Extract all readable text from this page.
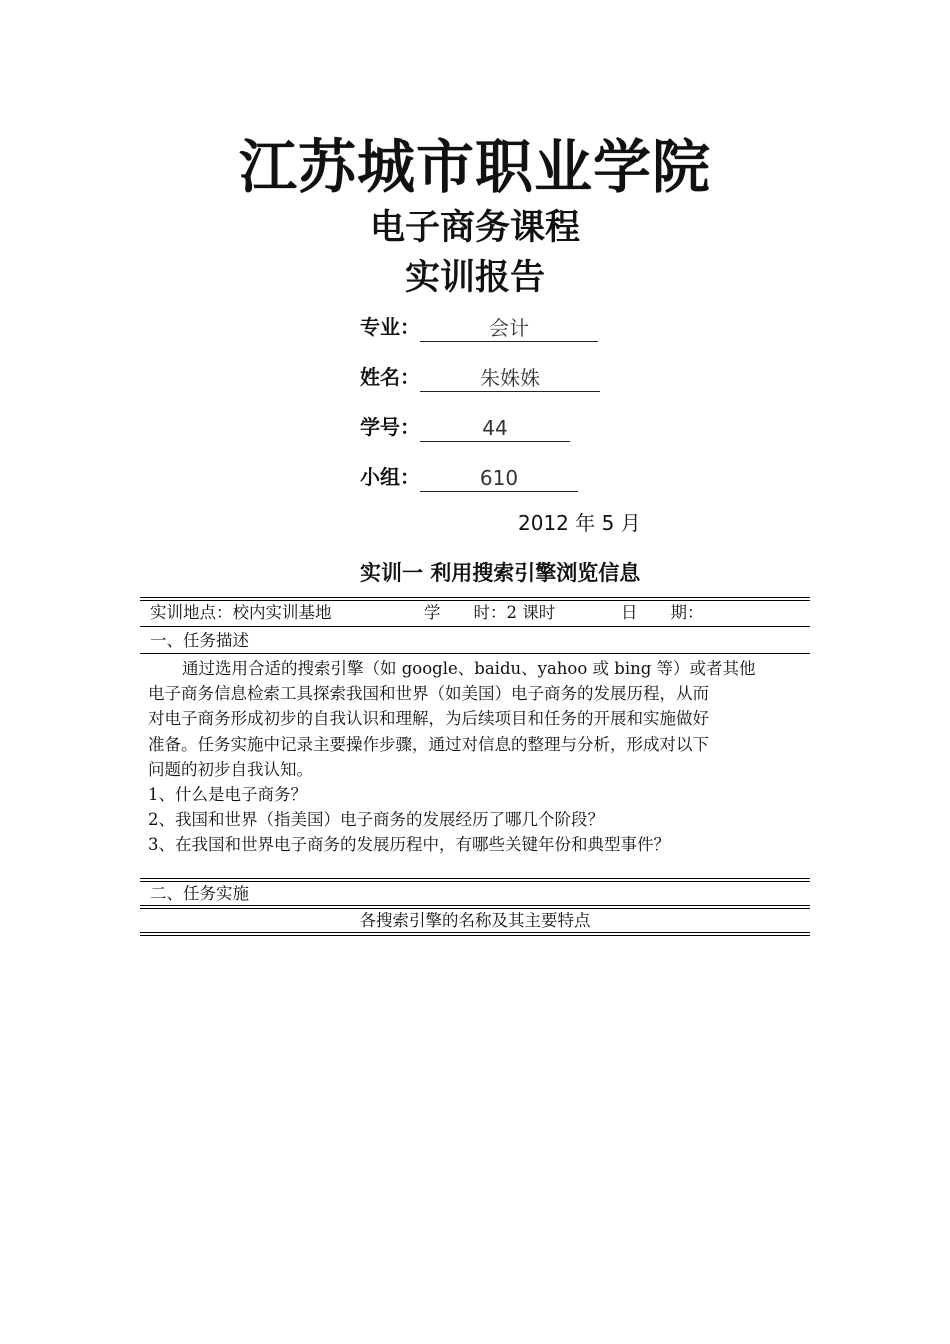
江苏城市职业学院
电子商务课程
实训报告
专业：	会计
姓名：	朱姝姝
学号：	44
小组：	610
2012 年 5 月
实训一 利用搜索引擎浏览信息
实训地点：校内实训基地	学　　时：2 课时	日　　期：
一、任务描述
通过选用合适的搜索引擎（如 google、baidu、yahoo 或 bing 等）或者其他
电子商务信息检索工具探索我国和世界（如美国）电子商务的发展历程，从而
对电子商务形成初步的自我认识和理解，为后续项目和任务的开展和实施做好
准备。任务实施中记录主要操作步骤，通过对信息的整理与分析，形成对以下
问题的初步自我认知。
1、什么是电子商务？
2、我国和世界（指美国）电子商务的发展经历了哪几个阶段？
3、在我国和世界电子商务的发展历程中，有哪些关键年份和典型事件？
二、任务实施
各搜索引擎的名称及其主要特点
